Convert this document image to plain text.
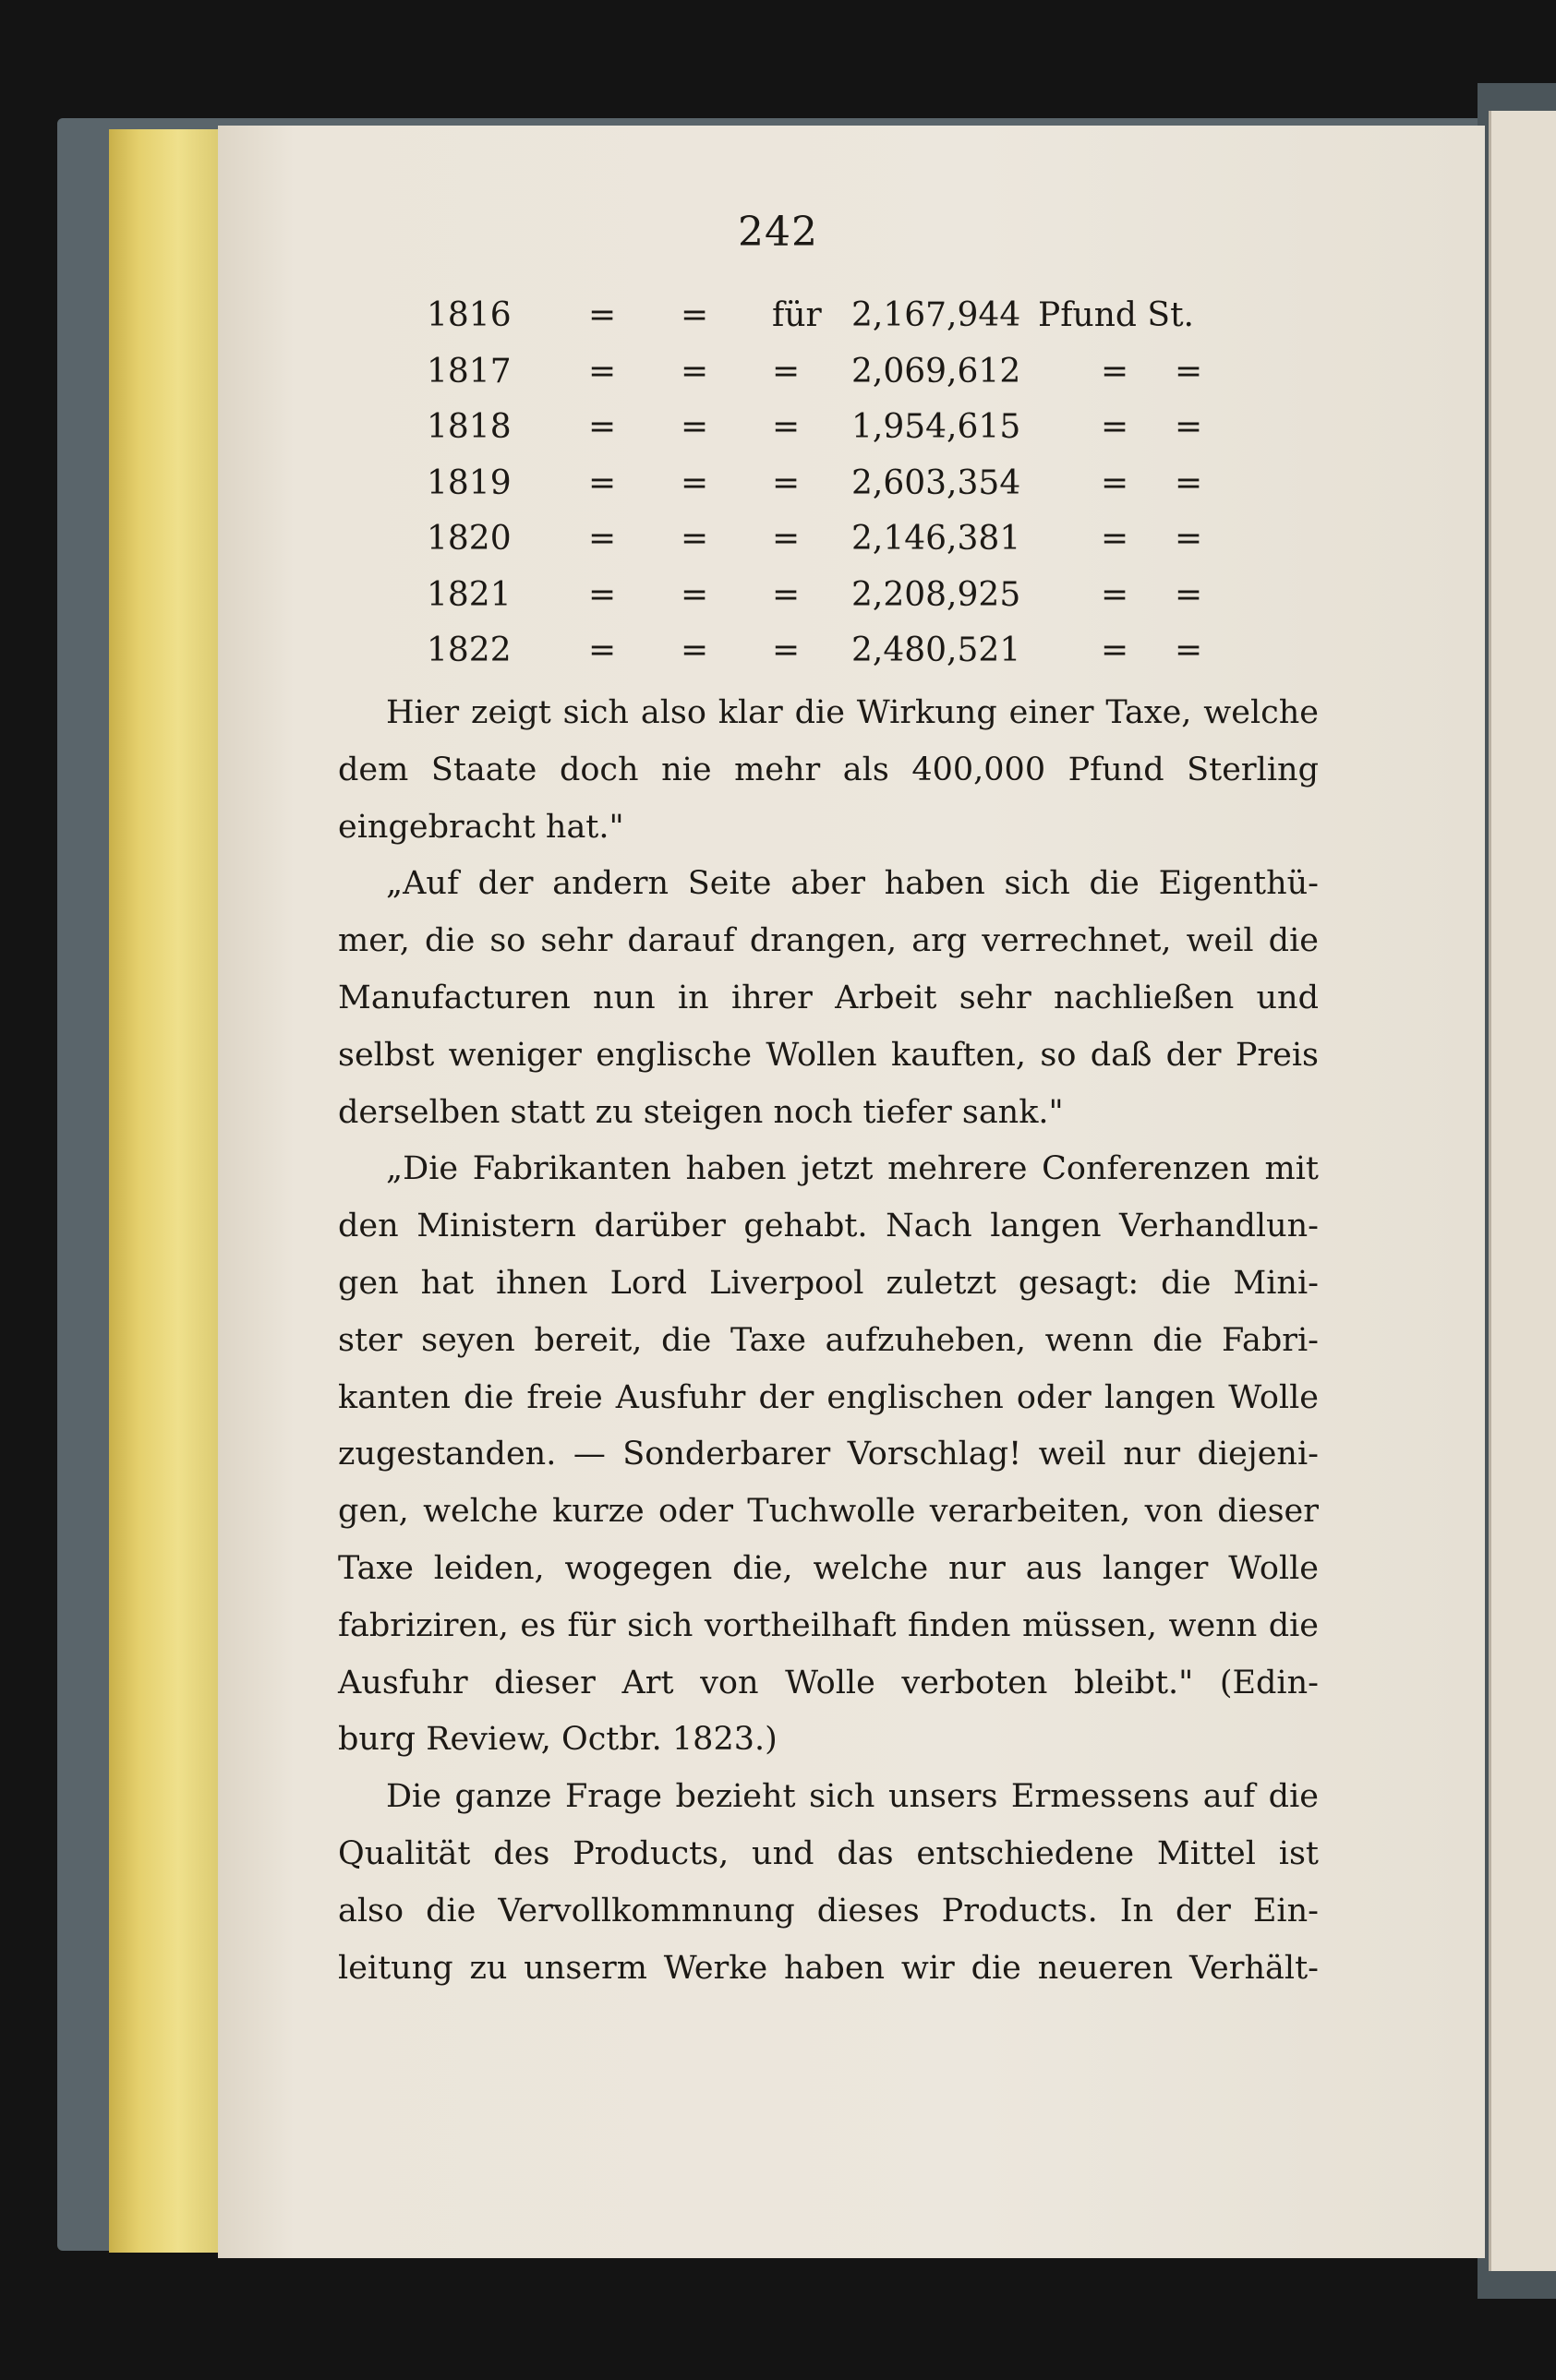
242
1816 = = für 2,167,944 Pfund St.
1817 = = = 2,069,612 = =
1818 = = = 1,954,615 = =
1819 = = = 2,603,354 = =
1820 = = = 2,146,381 = =
1821 = = = 2,208,925 = =
1822 = = = 2,480,521 = =
Hier zeigt sich also klar die Wirkung einer Taxe, welche
dem Staate doch nie mehr als 400,000 Pfund Sterling
eingebracht hat."
„Auf der andern Seite aber haben sich die Eigenthü-
mer, die so sehr darauf drangen, arg verrechnet, weil die
Manufacturen nun in ihrer Arbeit sehr nachließen und
selbst weniger englische Wollen kauften, so daß der Preis
derselben statt zu steigen noch tiefer sank."
„Die Fabrikanten haben jetzt mehrere Conferenzen mit
den Ministern darüber gehabt. Nach langen Verhandlun-
gen hat ihnen Lord Liverpool zuletzt gesagt: die Mini-
ster seyen bereit, die Taxe aufzuheben, wenn die Fabri-
kanten die freie Ausfuhr der englischen oder langen Wolle
zugestanden. — Sonderbarer Vorschlag! weil nur diejeni-
gen, welche kurze oder Tuchwolle verarbeiten, von dieser
Taxe leiden, wogegen die, welche nur aus langer Wolle
fabriziren, es für sich vortheilhaft finden müssen, wenn die
Ausfuhr dieser Art von Wolle verboten bleibt." (Edin-
burg Review, Octbr. 1823.)
Die ganze Frage bezieht sich unsers Ermessens auf die
Qualität des Products, und das entschiedene Mittel ist
also die Vervollkommnung dieses Products. In der Ein-
leitung zu unserm Werke haben wir die neueren Verhält-
